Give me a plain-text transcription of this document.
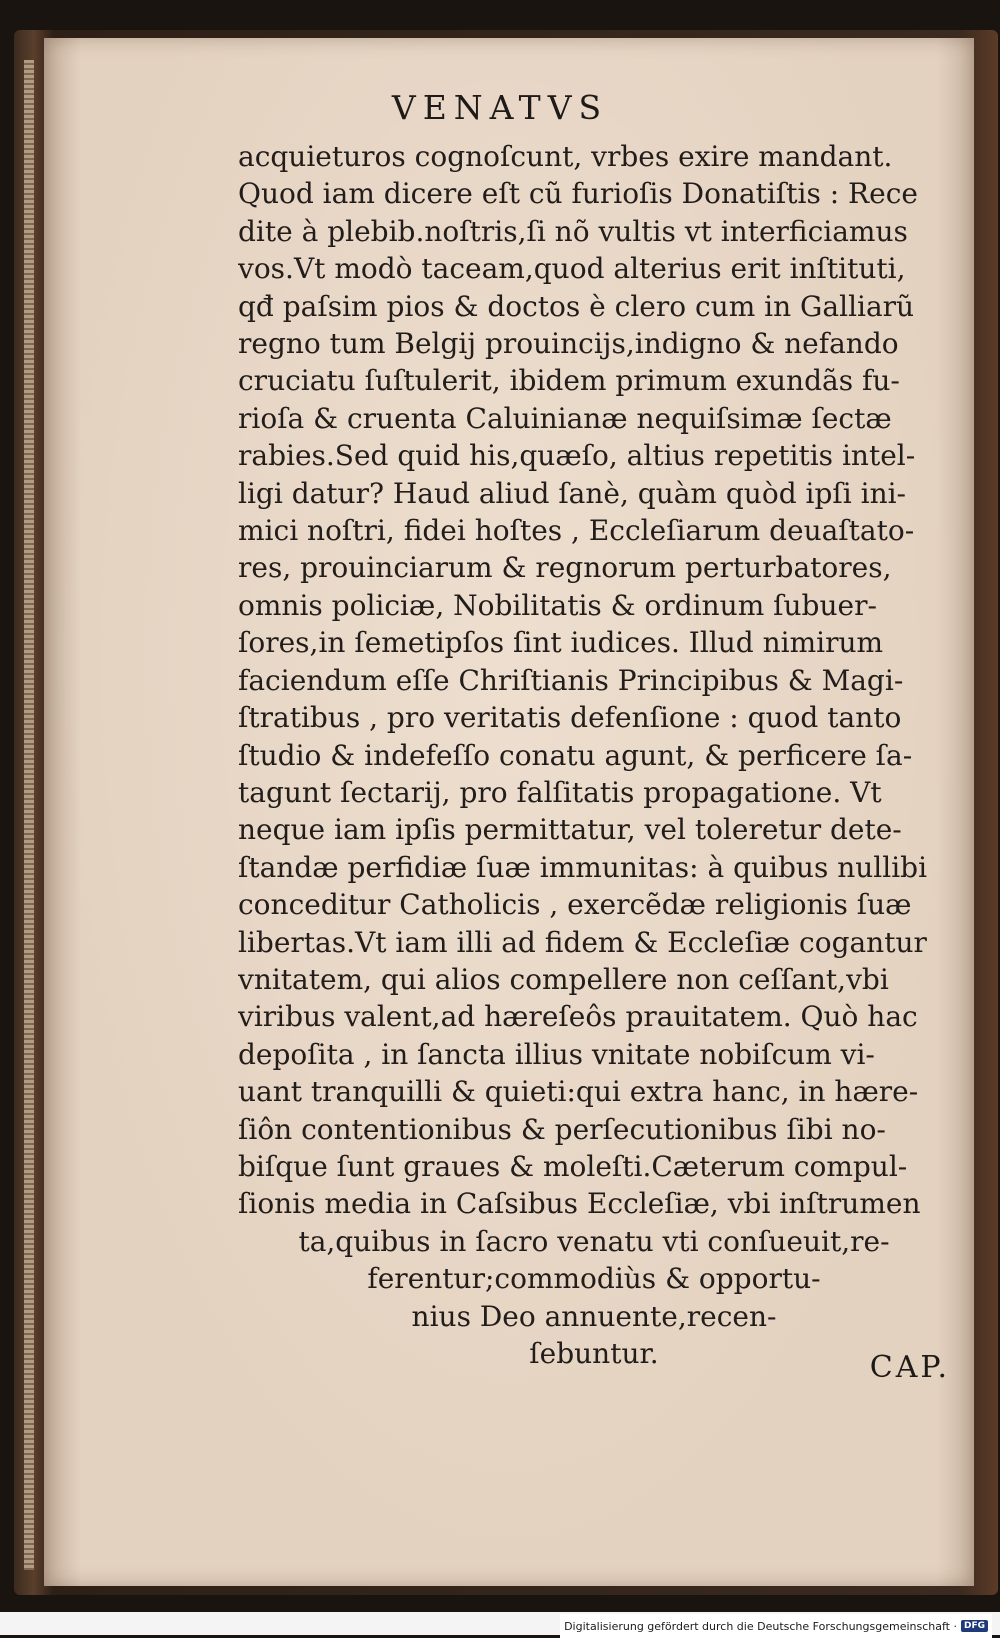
VENATVS
acquieturos cognoſcunt, vrbes exire mandant.
Quod iam dicere eſt cũ furioſis Donatiſtis : Rece
dite à plebib.noſtris,ſi nõ vultis vt interficiamus
vos.Vt modò taceam,quod alterius erit inſtituti,
qđ paſsim pios & doctos è clero cum in Galliarũ
regno tum Belgij prouincijs,indigno & nefando
cruciatu ſuſtulerit, ibidem primum exundãs fu-
rioſa & cruenta Caluinianæ nequiſsimæ ſectæ
rabies.Sed quid his,quæſo, altius repetitis intel-
ligi datur? Haud aliud ſanè, quàm quòd ipſi ini-
mici noſtri, fidei hoſtes , Eccleſiarum deuaſtato-
res, prouinciarum & regnorum perturbatores,
omnis policiæ, Nobilitatis & ordinum ſubuer-
ſores,in ſemetipſos ſint iudices. Illud nimirum
faciendum eſſe Chriſtianis Principibus & Magi-
ſtratibus , pro veritatis defenſione : quod tanto
ſtudio & indefeſſo conatu agunt, & perficere ſa-
tagunt ſectarij, pro falſitatis propagatione. Vt
neque iam ipſis permittatur, vel toleretur dete-
ſtandæ perfidiæ ſuæ immunitas: à quibus nullibi
conceditur Catholicis , exercẽdæ religionis ſuæ
libertas.Vt iam illi ad fidem & Eccleſiæ cogantur
vnitatem, qui alios compellere non ceſſant,vbi
viribus valent,ad hæreſeôs prauitatem. Quò hac
depoſita , in ſancta illius vnitate nobiſcum vi-
uant tranquilli & quieti:qui extra hanc, in hære-
ſiôn contentionibus & perſecutionibus ſibi no-
biſque ſunt graues & moleſti.Cæterum compul-
ſionis media in Caſsibus Eccleſiæ, vbi inſtrumen
ta,quibus in ſacro venatu vti conſueuit,re-
ferentur;commodiùs & opportu-
nius Deo annuente,recen-
ſebuntur.	CAP.
Digitalisierung gefördert durch die Deutsche Forschungsgemeinschaft · DFG
